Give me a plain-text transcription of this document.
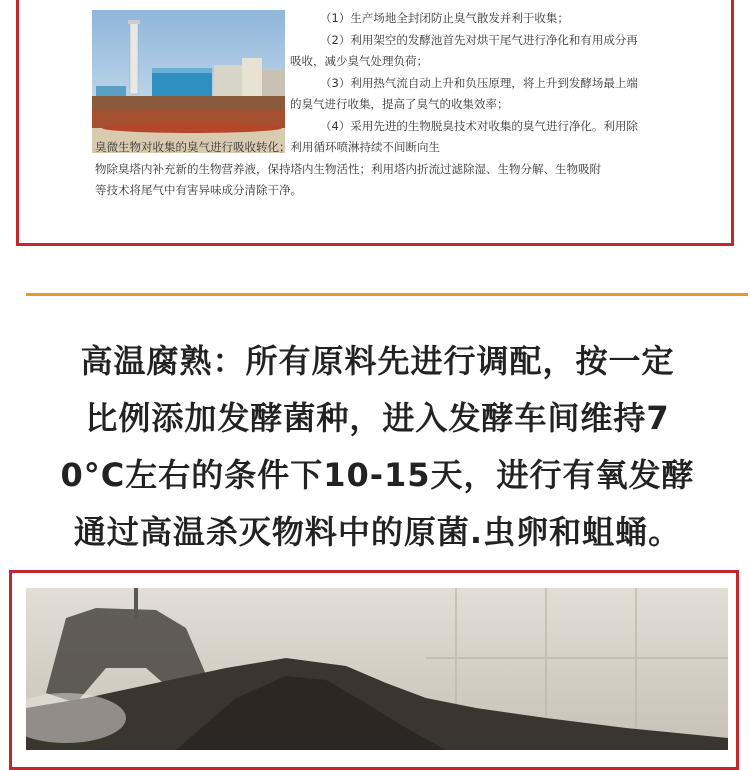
（1）生产场地全封闭防止臭气散发并利于收集；

（2）利用架空的发酵池首先对烘干尾气进行净化和有用成分再

吸收，减少臭气处理负荷；

（3）利用热气流自动上升和负压原理，将上升到发酵场最上端

的臭气进行收集，提高了臭气的收集效率；

（4）采用先进的生物脱臭技术对收集的臭气进行净化。利用除

臭微生物对收集的臭气进行吸收转化；利用循环喷淋持续不间断向生

物除臭塔内补充新的生物营养液，保持塔内生物活性；利用塔内折流过滤除湿、生物分解、生物吸附

等技术将尾气中有害异味成分清除干净。

高温腐熟：所有原料先进行调配，按一定
比例添加发酵菌种，进入发酵车间维持7
0°C左右的条件下10-15天，进行有氧发酵
通过高温杀灭物料中的原菌.虫卵和蛆蛹。
